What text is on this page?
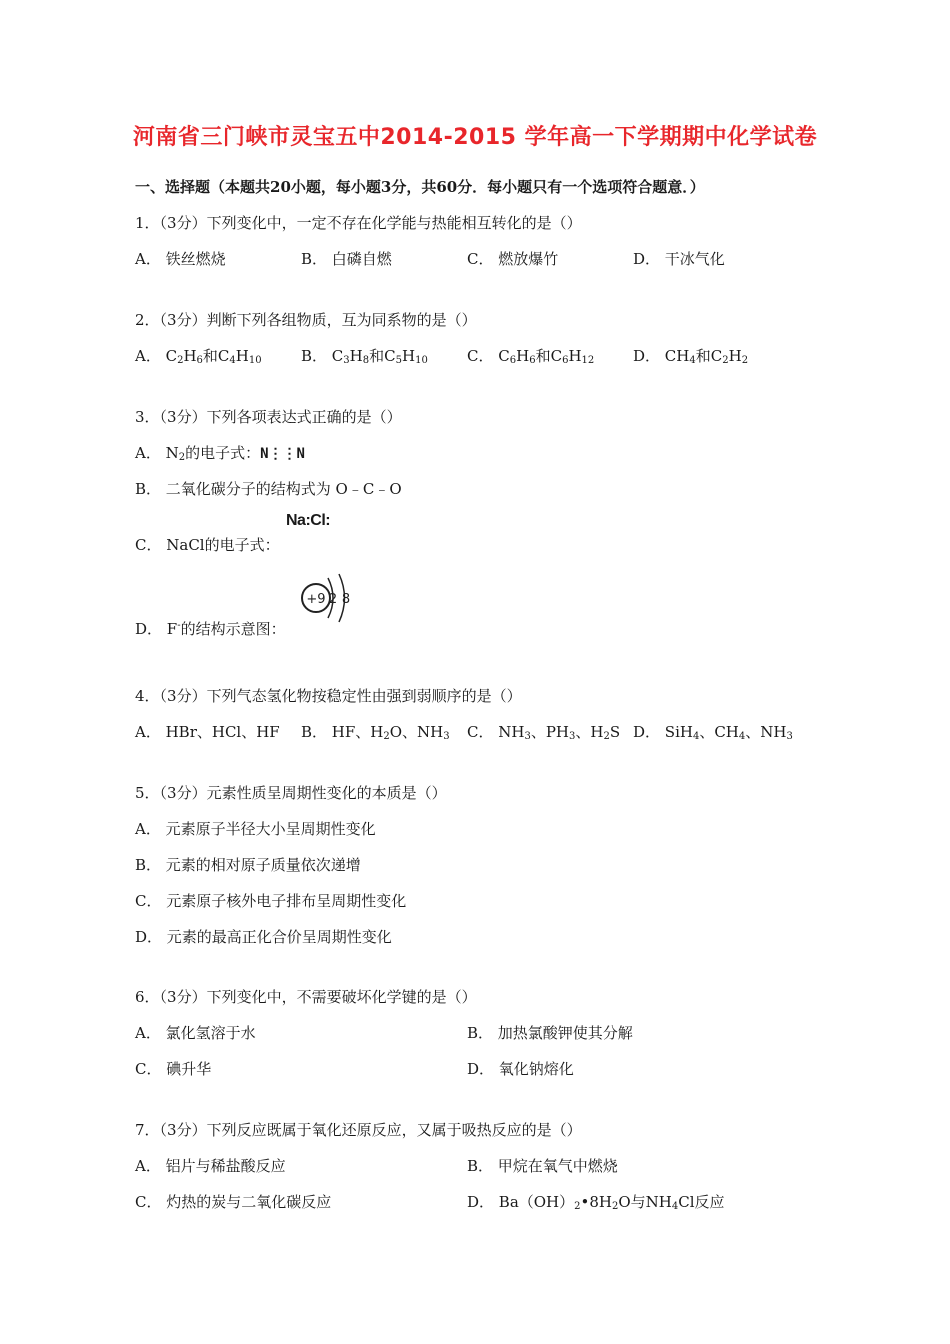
河南省三门峡市灵宝五中2014-2015 学年高一下学期期中化学试卷
一、选择题（本题共20小题，每小题3分，共60分．每小题只有一个选项符合题意．）
1．（3分）下列变化中，一定不存在化学能与热能相互转化的是（）
A． 铁丝燃烧	B． 白磷自燃	C． 燃放爆竹	D． 干冰气化
2．（3分）判断下列各组物质，互为同系物的是（）
A． $C_2H_6$和$C_4H_{10}$	B． $C_3H_8$和$C_5H_{10}$	C． $C_6H_6$和$C_6H_{12}$	D． $CH_4$和$C_2H_2$
3．（3分）下列各项表达式正确的是（）
A． $N_2$的电子式：N⋮⋮N
B． 二氧化碳分子的结构式为 O﹣C﹣O
C． NaCl的电子式：
Na:Cl:
D． F-的结构示意图：
+9 2 8
4．（3分）下列气态氢化物按稳定性由强到弱顺序的是（）
A． HBr、HCl、HF B． HF、$H_2O$、$NH_3$ C． $NH_3$、$PH_3$、$H_2S$ D． SiH$_4$、$CH_4$、$NH_3$
5．（3分）元素性质呈周期性变化的本质是（）
A． 元素原子半径大小呈周期性变化
B． 元素的相对原子质量依次递增
C． 元素原子核外电子排布呈周期性变化
D． 元素的最高正化合价呈周期性变化
6．（3分）下列变化中，不需要破坏化学键的是（）
A． 氯化氢溶于水	B． 加热氯酸钾使其分解
C． 碘升华	D． 氧化钠熔化
7．（3分）下列反应既属于氧化还原反应，又属于吸热反应的是（）
A． 铝片与稀盐酸反应	B． 甲烷在氧气中燃烧
C． 灼热的炭与二氧化碳反应	D． $Ba(OH)_2•8H_2O$与$NH_4Cl$反应
